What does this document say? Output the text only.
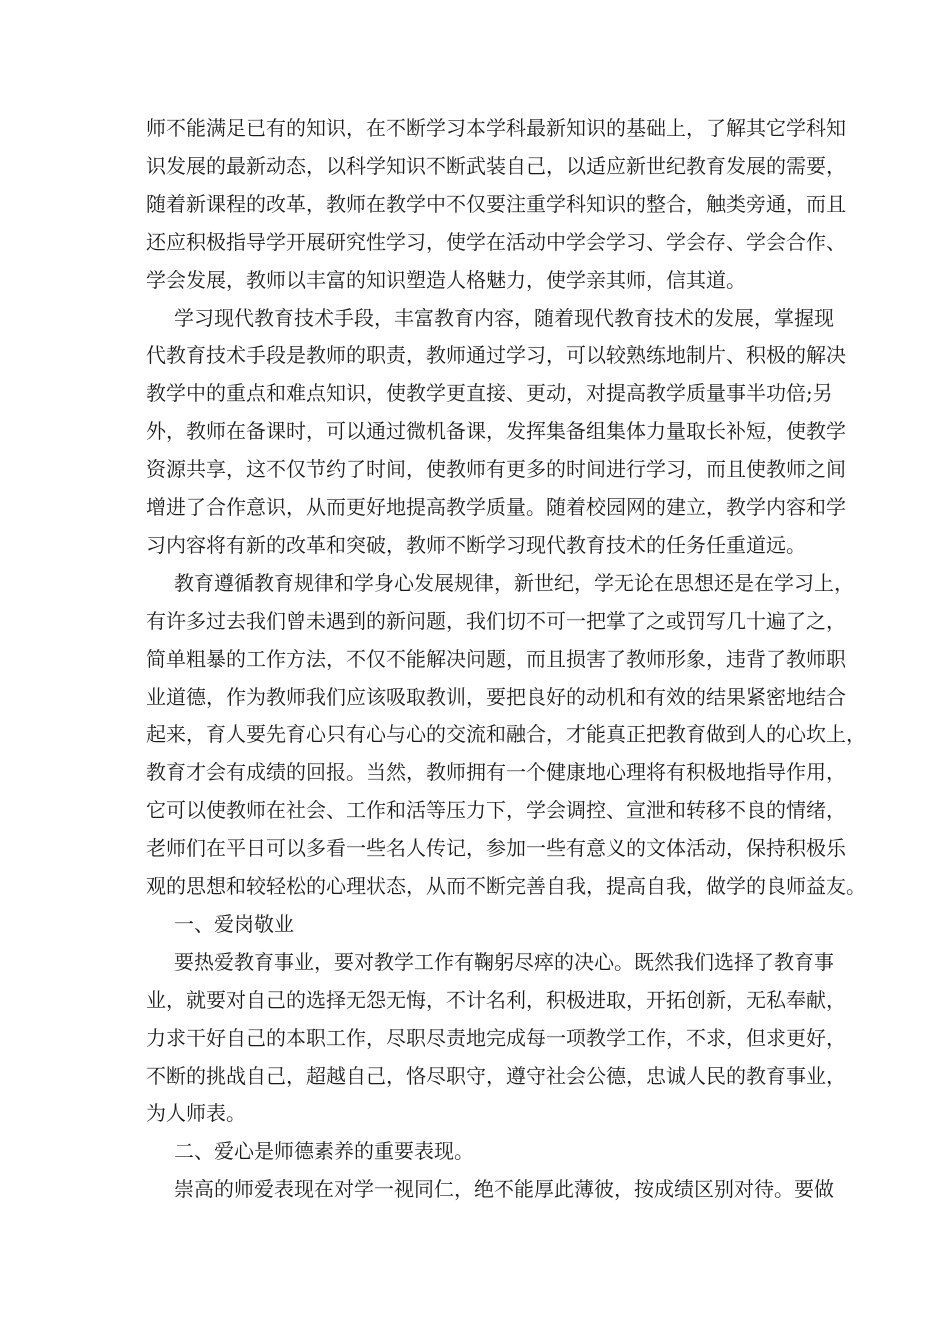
师不能满足已有的知识，在不断学习本学科最新知识的基础上，了解其它学科知
识发展的最新动态，以科学知识不断武装自己，以适应新世纪教育发展的需要，
随着新课程的改革，教师在教学中不仅要注重学科知识的整合，触类旁通，而且
还应积极指导学开展研究性学习，使学在活动中学会学习、学会存、学会合作、
学会发展，教师以丰富的知识塑造人格魅力，使学亲其师，信其道。
学习现代教育技术手段，丰富教育内容，随着现代教育技术的发展，掌握现
代教育技术手段是教师的职责，教师通过学习，可以较熟练地制片、积极的解决
教学中的重点和难点知识，使教学更直接、更动，对提高教学质量事半功倍;另
外，教师在备课时，可以通过微机备课，发挥集备组集体力量取长补短，使教学
资源共享，这不仅节约了时间，使教师有更多的时间进行学习，而且使教师之间
增进了合作意识，从而更好地提高教学质量。随着校园网的建立，教学内容和学
习内容将有新的改革和突破，教师不断学习现代教育技术的任务任重道远。
教育遵循教育规律和学身心发展规律，新世纪，学无论在思想还是在学习上，
有许多过去我们曾未遇到的新问题，我们切不可一把掌了之或罚写几十遍了之，
简单粗暴的工作方法，不仅不能解决问题，而且损害了教师形象，违背了教师职
业道德，作为教师我们应该吸取教训，要把良好的动机和有效的结果紧密地结合
起来，育人要先育心只有心与心的交流和融合，才能真正把教育做到人的心坎上，
教育才会有成绩的回报。当然，教师拥有一个健康地心理将有积极地指导作用，
它可以使教师在社会、工作和活等压力下，学会调控、宣泄和转移不良的情绪，
老师们在平日可以多看一些名人传记，参加一些有意义的文体活动，保持积极乐
观的思想和较轻松的心理状态，从而不断完善自我，提高自我，做学的良师益友。
一、爱岗敬业
要热爱教育事业，要对教学工作有鞠躬尽瘁的决心。既然我们选择了教育事
业，就要对自己的选择无怨无悔，不计名利，积极进取，开拓创新，无私奉献，
力求干好自己的本职工作，尽职尽责地完成每一项教学工作，不求，但求更好，
不断的挑战自己，超越自己，恪尽职守，遵守社会公德，忠诚人民的教育事业，
为人师表。
二、爱心是师德素养的重要表现。
崇高的师爱表现在对学一视同仁，绝不能厚此薄彼，按成绩区别对待。要做
